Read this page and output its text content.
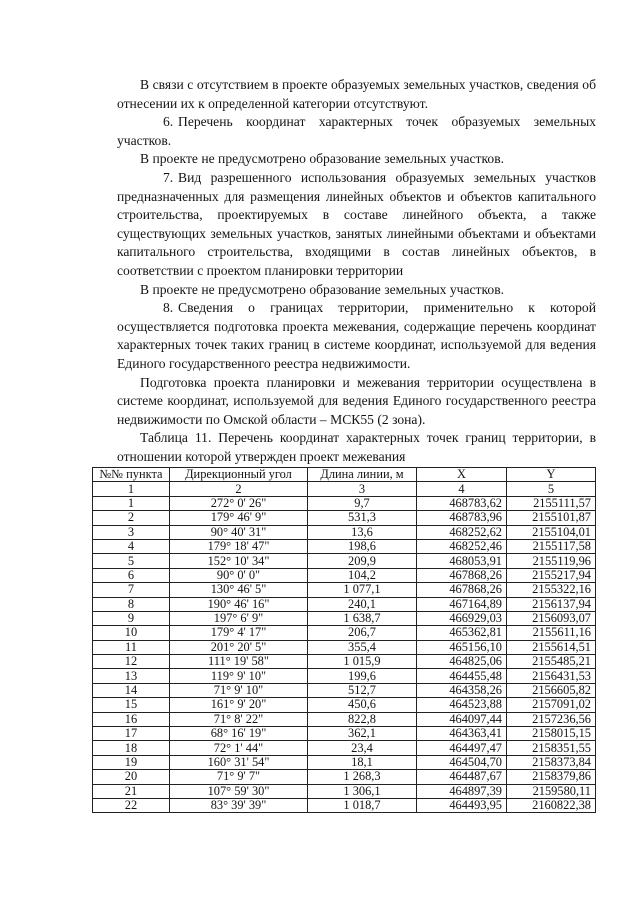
В связи с отсутствием в проекте образуемых земельных участков, сведения об отнесении их к определенной категории отсутствуют.

6. Перечень координат характерных точек образуемых земельных участков.

В проекте не предусмотрено образование земельных участков.

7. Вид разрешенного использования образуемых земельных участков предназначенных для размещения линейных объектов и объектов капитального строительства, проектируемых в составе линейного объекта, а также существующих земельных участков, занятых линейными объектами и объектами капитального строительства, входящими в состав линейных объектов, в соответствии с проектом планировки территории

В проекте не предусмотрено образование земельных участков.

8. Сведения о границах территории, применительно к которой осуществляется подготовка проекта межевания, содержащие перечень координат характерных точек таких границ в системе координат, используемой для ведения Единого государственного реестра недвижимости.

Подготовка проекта планировки и межевания территории осуществлена в системе координат, используемой для ведения Единого государственного реестра недвижимости по Омской области – МСК55 (2 зона).

Таблица 11. Перечень координат характерных точек границ территории, в отношении которой утвержден проект межевания

№№ пункта	Дирекционный угол	Длина линии, м	X	Y
1	2	3	4	5
1	272° 0' 26"	9,7	468783,62	2155111,57
2	179° 46' 9"	531,3	468783,96	2155101,87
3	90° 40' 31"	13,6	468252,62	2155104,01
4	179° 18' 47"	198,6	468252,46	2155117,58
5	152° 10' 34"	209,9	468053,91	2155119,96
6	90° 0' 0"	104,2	467868,26	2155217,94
7	130° 46' 5"	1 077,1	467868,26	2155322,16
8	190° 46' 16"	240,1	467164,89	2156137,94
9	197° 6' 9"	1 638,7	466929,03	2156093,07
10	179° 4' 17"	206,7	465362,81	2155611,16
11	201° 20' 5"	355,4	465156,10	2155614,51
12	111° 19' 58"	1 015,9	464825,06	2155485,21
13	119° 9' 10"	199,6	464455,48	2156431,53
14	71° 9' 10"	512,7	464358,26	2156605,82
15	161° 9' 20"	450,6	464523,88	2157091,02
16	71° 8' 22"	822,8	464097,44	2157236,56
17	68° 16' 19"	362,1	464363,41	2158015,15
18	72° 1' 44"	23,4	464497,47	2158351,55
19	160° 31' 54"	18,1	464504,70	2158373,84
20	71° 9' 7"	1 268,3	464487,67	2158379,86
21	107° 59' 30"	1 306,1	464897,39	2159580,11
22	83° 39' 39"	1 018,7	464493,95	2160822,38
